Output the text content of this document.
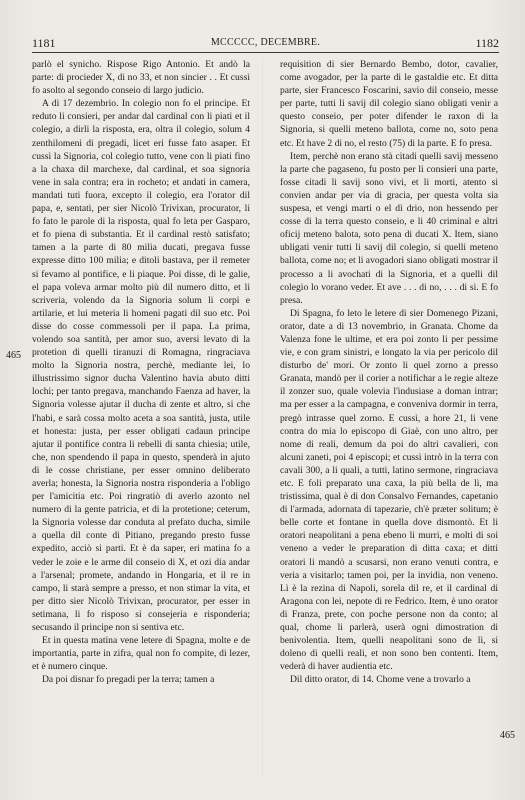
1181	MCCCCC, DECEMBRE.	1182

parlò el synicho. Rispose Rigo Antonio. Et andò la parte: di procieder X, di no 33, et non sincier . . Et cussì fo asolto al segondo conseio di largo judicio.

A dì 17 dezembrio. In colegio non fo el principe. Et reduto li consieri, per andar dal cardinal con li piati et il colegio, a dirli la risposta, era, oltra il colegio, solum 4 zenthilomeni di pregadi, licet eri fusse fato asaper. Et cussì la Signoria, col colegio tutto, vene con li piati fino a la chaxa dil marchexe, dal cardinal, et soa signoria vene in sala contra; era in rocheto; et andati in camera, mandati tuti fuora, excepto il colegio, era l'orator dil papa, e, sentati, per sier Nicolò Trivixan, procurator, li fo fato le parole di la risposta, qual fo leta per Gasparo, et fo piena di substantia. Et il cardinal restò satisfato; tamen a la parte di 80 milia ducati, pregava fusse expresse ditto 100 milia; e ditoli bastava, per il remeter si fevamo al pontifice, e li piaque. Poi disse, di le galie, el papa voleva armar molto più dil numero ditto, et li scriveria, volendo da la Signoria solum li corpi e artilarie, et lui meteria li homeni pagati dil suo etc. Poi disse do cosse commessoli per il papa. La prima, volendo soa santità, per amor suo, aversi levato di la protetion di quelli tiranuzi di Romagna, ringraciava molto la Signoria nostra, perchè, mediante lei, lo illustrissimo signor ducha Valentino havia abuto ditti lochi; per tanto pregava, manchando Faenza ad haver, la Signoria volesse ajutar il ducha di zente et altro, si che l'habi, e sarà cossa molto aceta a soa santità, justa, utile et honesta: justa, per esser obligati cadaun principe ajutar il pontifice contra li rebelli di santa chiesia; utile, che, non spendendo il papa in questo, spenderà in ajuto di le cosse christiane, per esser omnino deliberato averla; honesta, la Signoria nostra risponderia a l'obligo per l'amicitia etc. Poi ringratiò di averlo azonto nel numero di la gente patricia, et di la protetione; ceterum, la Signoria volesse dar conduta al prefato ducha, simile a quella dil conte di Pitiano, pregando presto fusse expedito, acciò si parti. Et è da saper, eri matina fo a veder le zoie e le arme dil conseio di X, et ozi dia andar a l'arsenal; promete, andando in Hongaria, et il re in campo, li starà sempre a presso, et non stimar la vita, et per ditto sier Nicolò Trivixan, procurator, per esser in setimana, li fo risposo si consejeria e risponderia; secusando il principe non si sentiva etc.

Et in questa matina vene letere di Spagna, molte e de importantia, parte in zifra, qual non fo compite, di lezer, et è numero cinque.

Da poi disnar fo pregadi per la terra; tamen a

requisition di sier Bernardo Bembo, dotor, cavalier, come avogador, per la parte di le gastaldie etc. Et ditta parte, sier Francesco Foscarini, savio dil conseio, messe per parte, tutti li savij dil colegio siano obligati venir a questo conseio, per poter difender le raxon di la Signoria, si quelli meteno ballota, come no, soto pena etc. Et have 2 di no, el resto (75) di la parte. E fo presa.

Item, perchè non erano stà citadi quelli savij messeno la parte che pagaseno, fu posto per li consieri una parte, fosse citadi li savij sono vivi, et li morti, atento si convien andar per via di gracia, per questa volta sia suspesa, et vengi marti o el dì drio, non hessendo per cosse di la terra questo conseio, e li 40 criminal e altri oficij meteno balota, soto pena di ducati X. Item, siano ubligati venir tutti li savij dil colegio, si quelli meteno ballota, come no; et li avogadori siano obligati mostrar il processo a li avochati di la Signoria, et a quelli dil colegio lo vorano veder. Et ave . . . di no, . . . di sì. E fo presa.

Di Spagna, fo leto le letere di sier Domenego Pizani, orator, date a dì 13 novembrio, in Granata. Chome da Valenza fone le ultime, et era poi zonto li per pessime vie, e con gram sinistri, e longato la via per pericolo dil disturbo de' mori. Or zonto li quel zorno a presso Granata, mandò per il corier a notifichar a le regie alteze il zonzer suo, quale volevia l'indusiase a doman intrar; ma per esser a la campagna, e conveniva dormir in terra, pregò intrasse quel zorno. E cussì, a hore 21, li vene contra do mia lo episcopo di Giaè, con uno altro, per nome di reali, demum da poi do altri cavalieri, con alcuni zaneti, poi 4 episcopi; et cussì intrò in la terra con cavali 300, a li quali, a tutti, latino sermone, ringraciava etc. E foli preparato una caxa, la più bella de lì, ma tristissima, qual è di don Consalvo Fernandes, capetanio di l'armada, adornata di tapezarie, ch'è præter solitum; è belle corte et fontane in quella dove dismontò. Et li oratori neapolitani a pena ebeno li murri, e molti di soi veneno a veder le preparation di ditta caxa; et ditti oratori li mandò a scusarsi, non erano venuti contra, e veria a visitarlo; tamen poi, per la invidia, non veneno. Lì è la rezina di Napoli, sorela dil re, et il cardinal di Aragona con lei, nepote di re Fedrico. Item, è uno orator di Franza, prete, con poche persone non da conto; al qual, chome li parlerà, userà ogni dimostration di benivolentia. Item, quelli neapolitani sono de lì, si doleno di quelli reali, et non sono ben contenti. Item, vederà di haver audientia etc.

Dil ditto orator, di 14. Chome vene a trovarlo a

465
465
